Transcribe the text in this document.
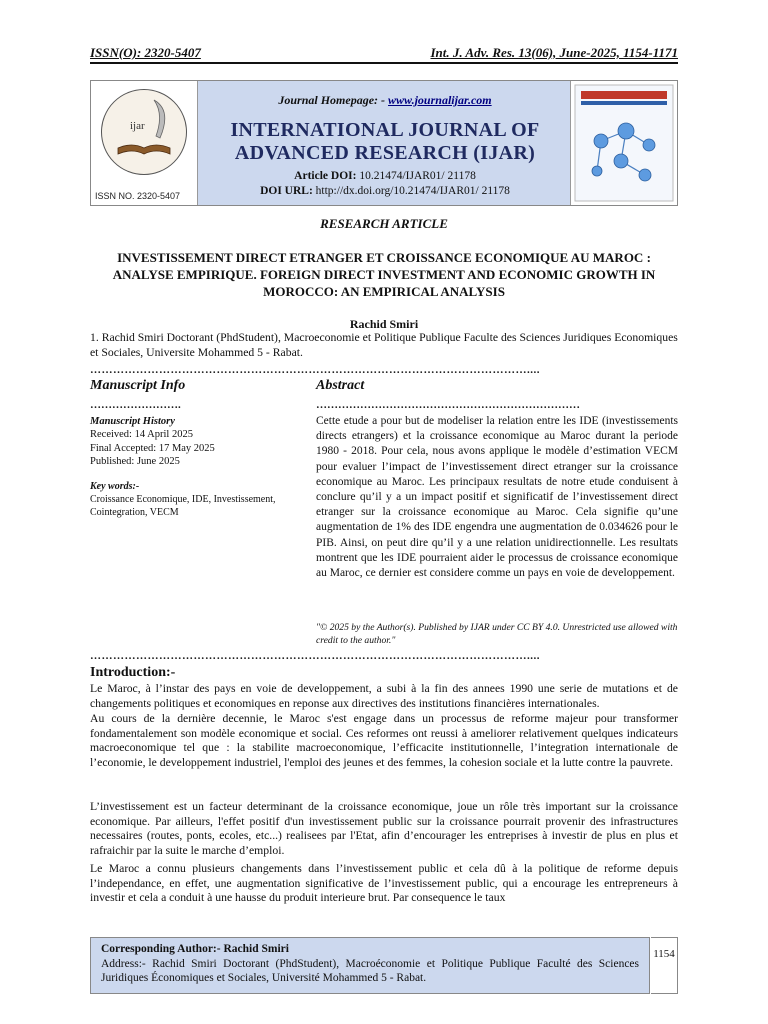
ISSN(O): 2320-5407	Int. J. Adv. Res. 13(06), June-2025, 1154-1171
ijar
ISSN NO. 2320-5407
Journal Homepage: - www.journalijar.com
INTERNATIONAL JOURNAL OF
ADVANCED RESEARCH (IJAR)
Article DOI: 10.21474/IJAR01/ 21178
DOI URL: http://dx.doi.org/10.21474/IJAR01/ 21178
RESEARCH ARTICLE
INVESTISSEMENT DIRECT ETRANGER ET CROISSANCE ECONOMIQUE AU MAROC : ANALYSE EMPIRIQUE. FOREIGN DIRECT INVESTMENT AND ECONOMIC GROWTH IN MOROCCO: AN EMPIRICAL ANALYSIS
Rachid Smiri
1. Rachid Smiri Doctorant (PhdStudent), Macroeconomie et Politique Publique Faculte des Sciences Juridiques Economiques et Sociales, Universite Mohammed 5 - Rabat.
……………………………………………………………………………………………………....
Manuscript Info
…………………….
Manuscript History
Received: 14 April 2025
Final Accepted: 17 May 2025
Published: June 2025
Key words:-
Croissance Economique, IDE, Investissement, Cointegration, VECM
Abstract
………………………………………………………………
Cette etude a pour but de modeliser la relation entre les IDE (investissements directs etrangers) et la croissance economique au Maroc durant la periode 1980 - 2018. Pour cela, nous avons applique le modèle d’estimation VECM pour evaluer l’impact de l’investissement direct etranger sur la croissance economique au Maroc. Les principaux resultats de notre etude conduisent à conclure qu’il y a un impact positif et significatif de l’investissement direct etranger sur la croissance economique au Maroc. Cela signifie qu’une augmentation de 1% des IDE engendra une augmentation de 0.034626 pour le PIB. Ainsi, on peut dire qu’il y a une relation unidirectionnelle. Les resultats montrent que les IDE pourraient aider le processus de croissance economique au Maroc, ce dernier est considere comme un pays en voie de developpement.
"© 2025 by the Author(s). Published by IJAR under CC BY 4.0. Unrestricted use allowed with credit to the author."
……………………………………………………………………………………………………....
Introduction:-
Le Maroc, à l’instar des pays en voie de developpement, a subi à la fin des annees 1990 une serie de mutations et de changements politiques et economiques en reponse aux directives des institutions financières internationales.
Au cours de la dernière decennie, le Maroc s'est engage dans un processus de reforme majeur pour transformer fondamentalement son modèle economique et social. Ces reformes ont reussi à ameliorer relativement quelques indicateurs macroeconomique tel que : la stabilite macroeconomique, l’efficacite institutionnelle, l’integration internationale de l’economie, le developpement industriel, l'emploi des jeunes et des femmes, la cohesion sociale et la lutte contre la pauvrete.
L’investissement est un facteur determinant de la croissance economique, joue un rôle très important sur la croissance economique. Par ailleurs, l'effet positif d'un investissement public sur la croissance pourrait provenir des infrastructures necessaires (routes, ponts, ecoles, etc...) realisees par l'Etat, afin d’encourager les entreprises à investir de plus en plus et rafraichir par la suite le marche d’emploi.
Le Maroc a connu plusieurs changements dans l’investissement public et cela dû à la politique de reforme depuis l’independance, en effet, une augmentation significative de l’investissement public, qui a encourage les entrepreneurs à investir et cela a conduit à une hausse du produit interieure brut. Par consequence le taux
Corresponding Author:- Rachid Smiri
Address:- Rachid Smiri Doctorant (PhdStudent), Macroéconomie et Politique Publique Faculté des Sciences Juridiques Économiques et Sociales, Université Mohammed 5 - Rabat.
1154
